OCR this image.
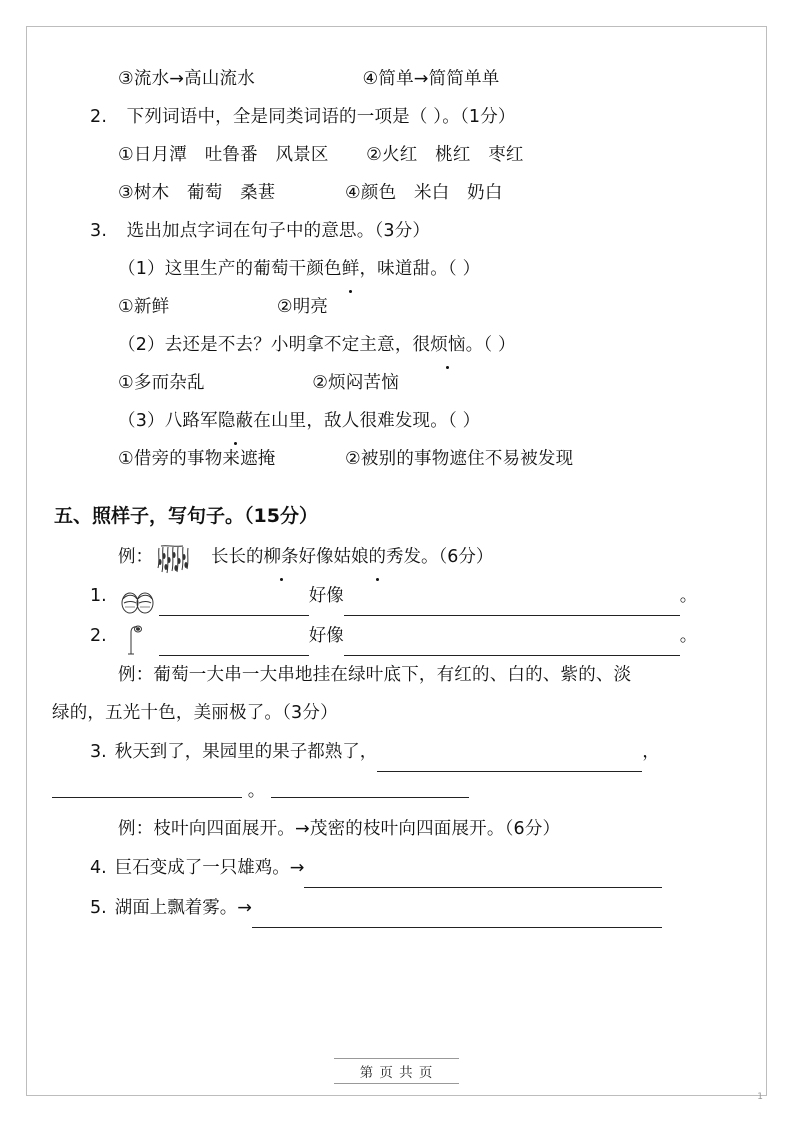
③流水→高山流水	④简单→简简单单
2. 下列词语中，全是同类词语的一项是（ ）。（1分）
①日月潭　吐鲁番　风景区 ②火红　桃红　枣红
③树木　葡萄　桑葚	④颜色　米白　奶白
3. 选出加点字词在句子中的意思。（3分）
（1）这里生产的葡萄干颜色鲜，味道甜。（ ）
①新鲜	②明亮
（2）去还是不去？小明拿不定主意，很烦恼。（ ）
①多而杂乱	②烦闷苦恼
（3）八路军隐蔽在山里，敌人很难发现。（ ）
①借旁的事物来遮掩	②被别的事物遮住不易被发现
五、照样子，写句子。（15分）
例：	长长的 柳条 好像 姑娘的秀发 。（6分）
1.	好像	。
2.	好像	。
例：葡萄一大串一大串地挂在绿叶底下，有红的、白的、紫的、淡
绿的，五光十色，美丽极了。（3分）
3. 秋天到了，果园里的果子都熟了，	，
。
例：枝叶向四面展开。→茂密的枝叶向四面展开。（6分）
4. 巨石变成了一只雄鸡。→
5. 湖面上飘着雾。→
第 页 共 页
1
